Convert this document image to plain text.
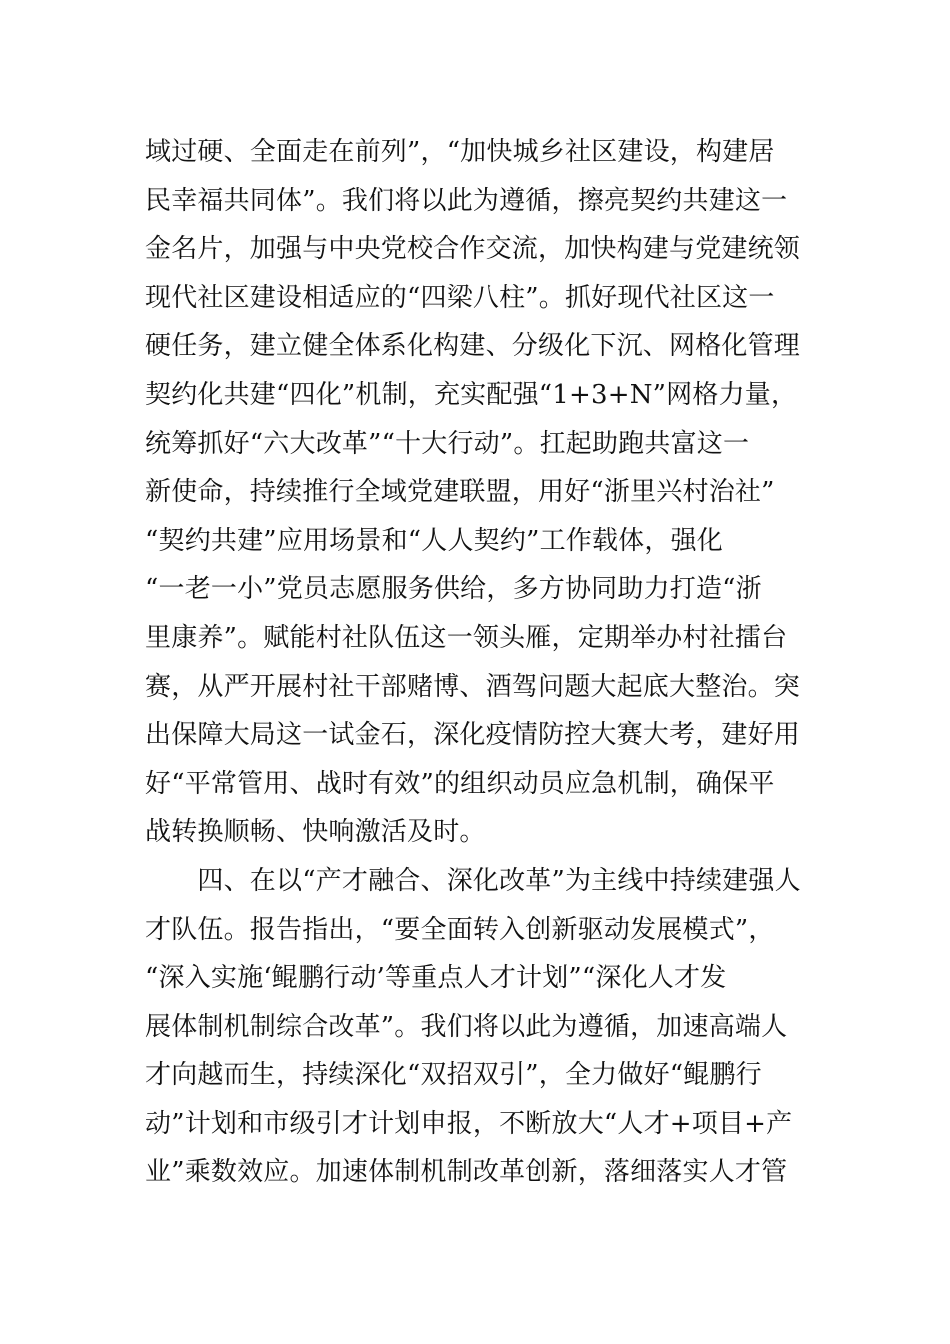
域过硬、全面走在前列”，“加快城乡社区建设，构建居
民幸福共同体”。我们将以此为遵循，擦亮契约共建这一
金名片，加强与中央党校合作交流，加快构建与党建统领
现代社区建设相适应的“四梁八柱”。抓好现代社区这一
硬任务，建立健全体系化构建、分级化下沉、网格化管理
契约化共建“四化”机制，充实配强“1+3+N”网格力量，
统筹抓好“六大改革”“十大行动”。扛起助跑共富这一
新使命，持续推行全域党建联盟，用好“浙里兴村治社”
“契约共建”应用场景和“人人契约”工作载体，强化
“一老一小”党员志愿服务供给，多方协同助力打造“浙
里康养”。赋能村社队伍这一领头雁，定期举办村社擂台
赛，从严开展村社干部赌博、酒驾问题大起底大整治。突
出保障大局这一试金石，深化疫情防控大赛大考，建好用
好“平常管用、战时有效”的组织动员应急机制，确保平
战转换顺畅、快响激活及时。
　　四、在以“产才融合、深化改革”为主线中持续建强人
才队伍。报告指出，“要全面转入创新驱动发展模式”，
“深入实施‘鲲鹏行动’等重点人才计划”“深化人才发
展体制机制综合改革”。我们将以此为遵循，加速高端人
才向越而生，持续深化“双招双引”，全力做好“鲲鹏行
动”计划和市级引才计划申报，不断放大“人才+项目+产
业”乘数效应。加速体制机制改革创新，落细落实人才管
